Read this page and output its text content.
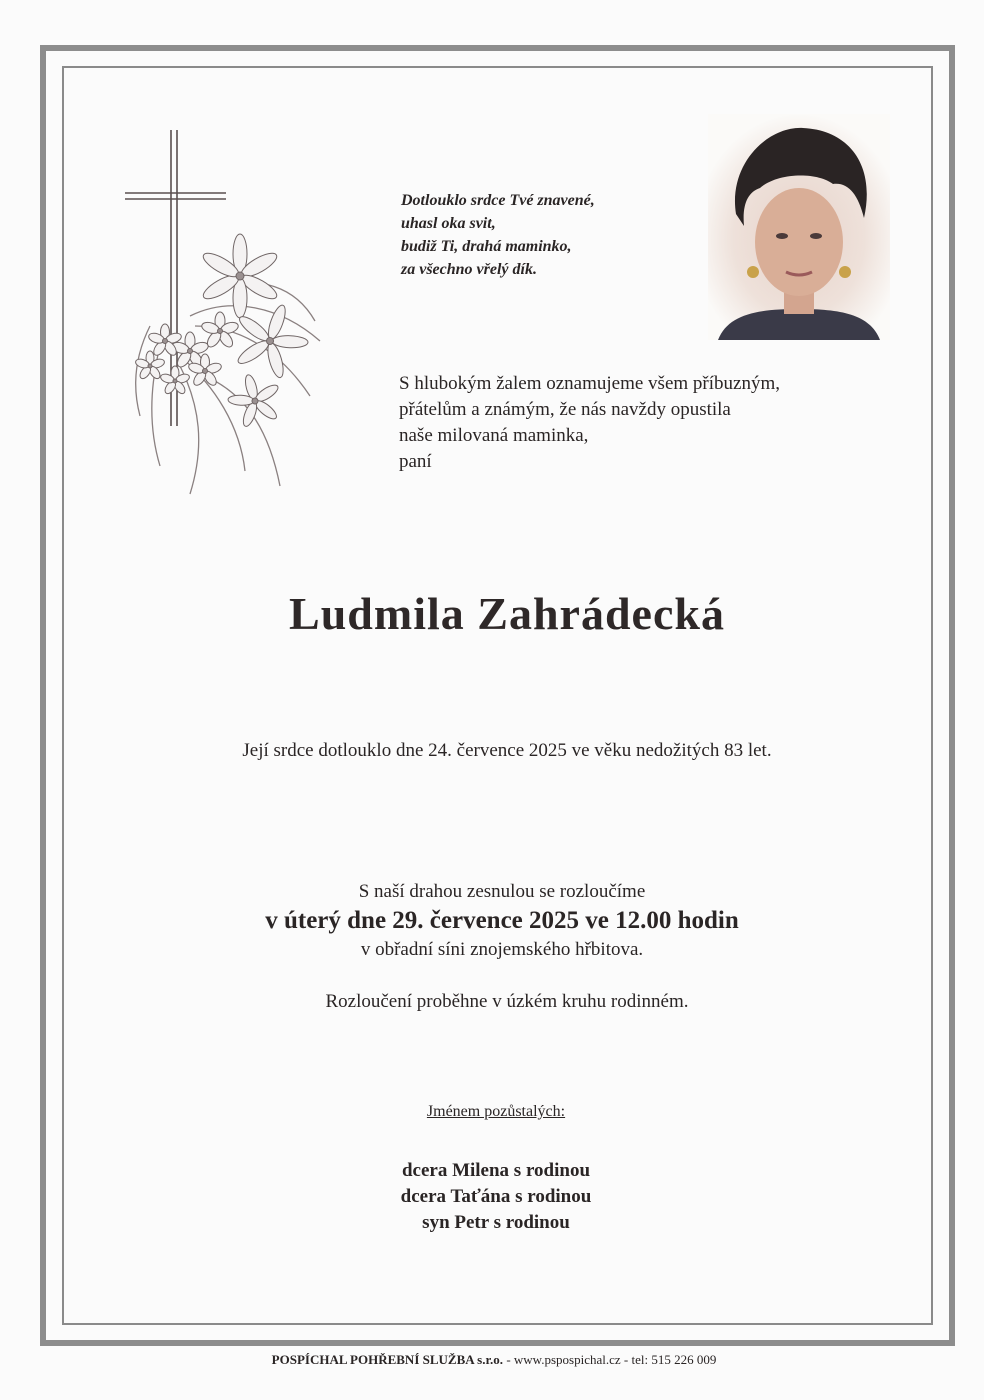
Dotlouklo srdce Tvé znavené,
uhasl oka svit,
budiž Ti, drahá maminko,
za všechno vřelý dík.
S hlubokým žalem oznamujeme všem příbuzným,
přátelům a známým, že nás navždy opustila
naše milovaná maminka,
paní
Ludmila Zahrádecká
Její srdce dotlouklo dne 24. července 2025 ve věku nedožitých 83 let.
S naší drahou zesnulou se rozloučíme
v úterý dne 29. července 2025 ve 12.00 hodin
v obřadní síni znojemského hřbitova.
Rozloučení proběhne v úzkém kruhu rodinném.
Jménem pozůstalých:
dcera Milena s rodinou
dcera Taťána s rodinou
syn Petr s rodinou
POSPÍCHAL POHŘEBNÍ SLUŽBA s.r.o. - www.pspospichal.cz - tel: 515 226 009
